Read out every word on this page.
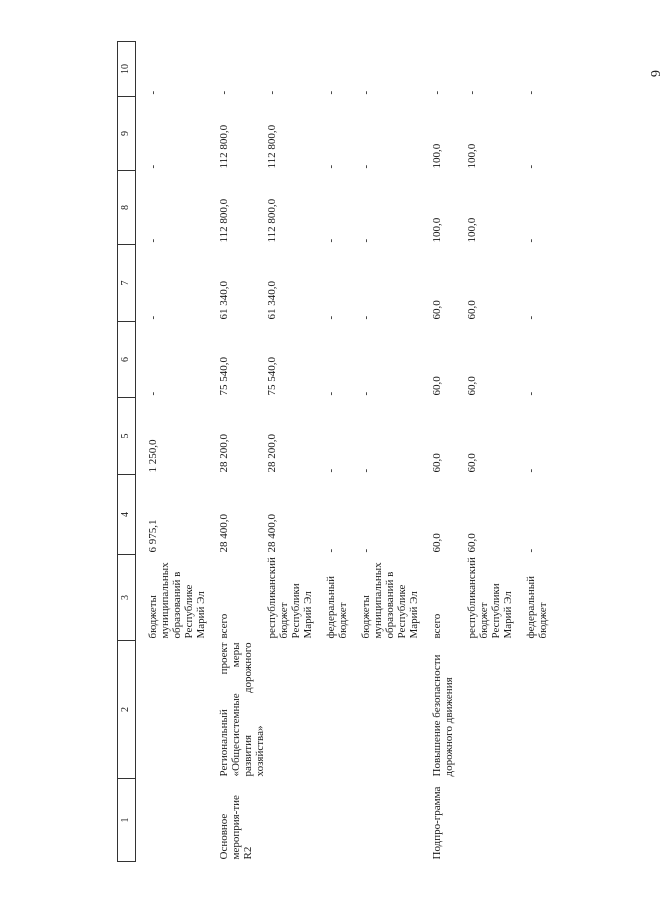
6
1	2	3	4	5	6	7	8	9	10

		бюджеты муниципальных образований в Республике Марий Эл	6 975,1	1 250,0	-	-	-	-	-

Основное мероприя-тие R2	Региональный проект «Общесистемные меры развития дорожного хозяйства»	всего	28 400,0	28 200,0	75 540,0	61 340,0	112 800,0	112 800,0	-
		республиканский бюджет Республики Марий Эл	28 400,0	28 200,0	75 540,0	61 340,0	112 800,0	112 800,0	-

		федеральный бюджет	-	-	-	-	-	-	-

		бюджеты муниципальных образований в Республике Марий Эл	-	-	-	-	-	-	-

Подпро-грамма	Повышение безопасности дорожного движения	всего	60,0	60,0	60,0	60,0	100,0	100,0	-

		республиканский бюджет Республики Марий Эл	60,0	60,0	60,0	60,0	100,0	100,0	-

		федеральный бюджет	-	-	-	-	-	-	-
